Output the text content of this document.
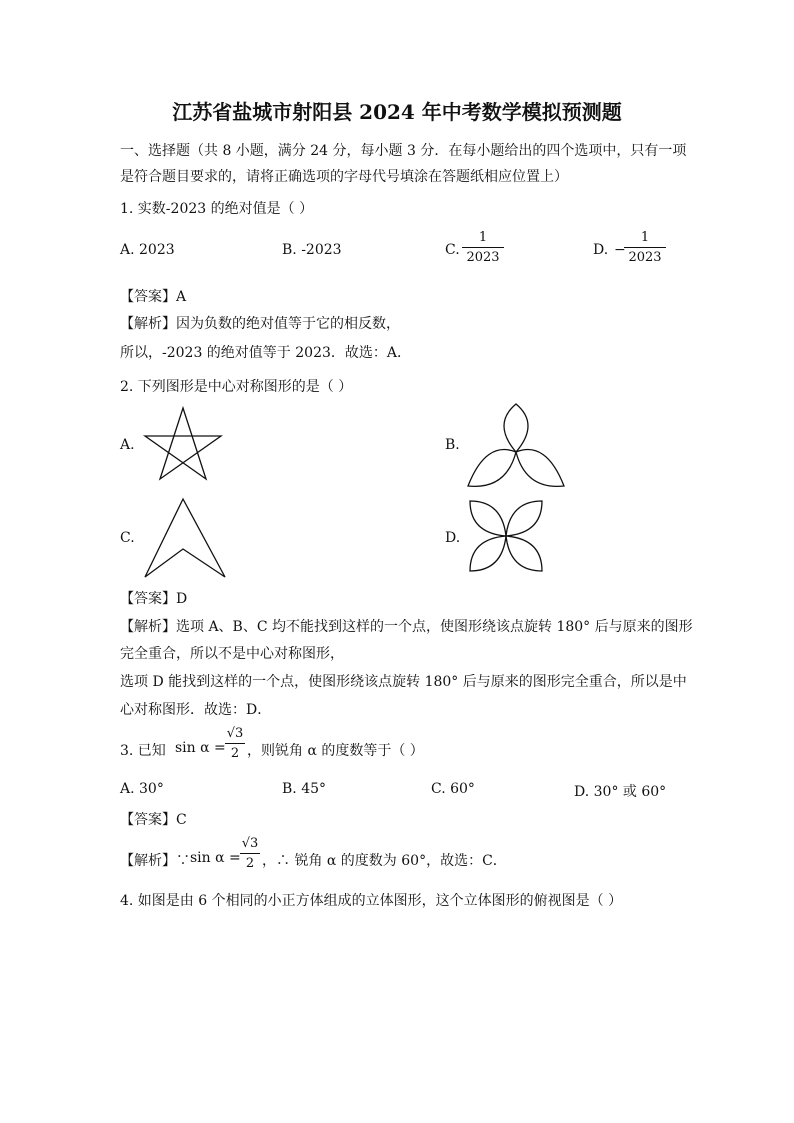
江苏省盐城市射阳县 2024 年中考数学模拟预测题
一、选择题（共 8 小题，满分 24 分，每小题 3 分．在每小题给出的四个选项中，只有一项
是符合题目要求的，请将正确选项的字母代号填涂在答题纸相应位置上）
1. 实数-2023 的绝对值是（ ）
A. 2023	B. -2023	C.
1
2023	D. −
1
2023
【答案】A
【解析】因为负数的绝对值等于它的相反数，
所以，-2023 的绝对值等于 2023．故选：A．
2. 下列图形是中心对称图形的是（ ）
A.	B.
C.	D.
【答案】D
【解析】选项 A、B、C 均不能找到这样的一个点，使图形绕该点旋转 180° 后与原来的图形
完全重合，所以不是中心对称图形，
选项 D 能找到这样的一个点，使图形绕该点旋转 180° 后与原来的图形完全重合，所以是中
心对称图形．故选：D．
3. 已知 sin α =
√3
2 ，则锐角 α 的度数等于（ ）
A. 30°	B. 45°	C. 60°	D. 30° 或 60°
【答案】C
【解析】∵ sin α =
√3
2 ，∴ 锐角 α 的度数为 60°，故选：C．
4. 如图是由 6 个相同的小正方体组成的立体图形，这个立体图形的俯视图是（ ）
